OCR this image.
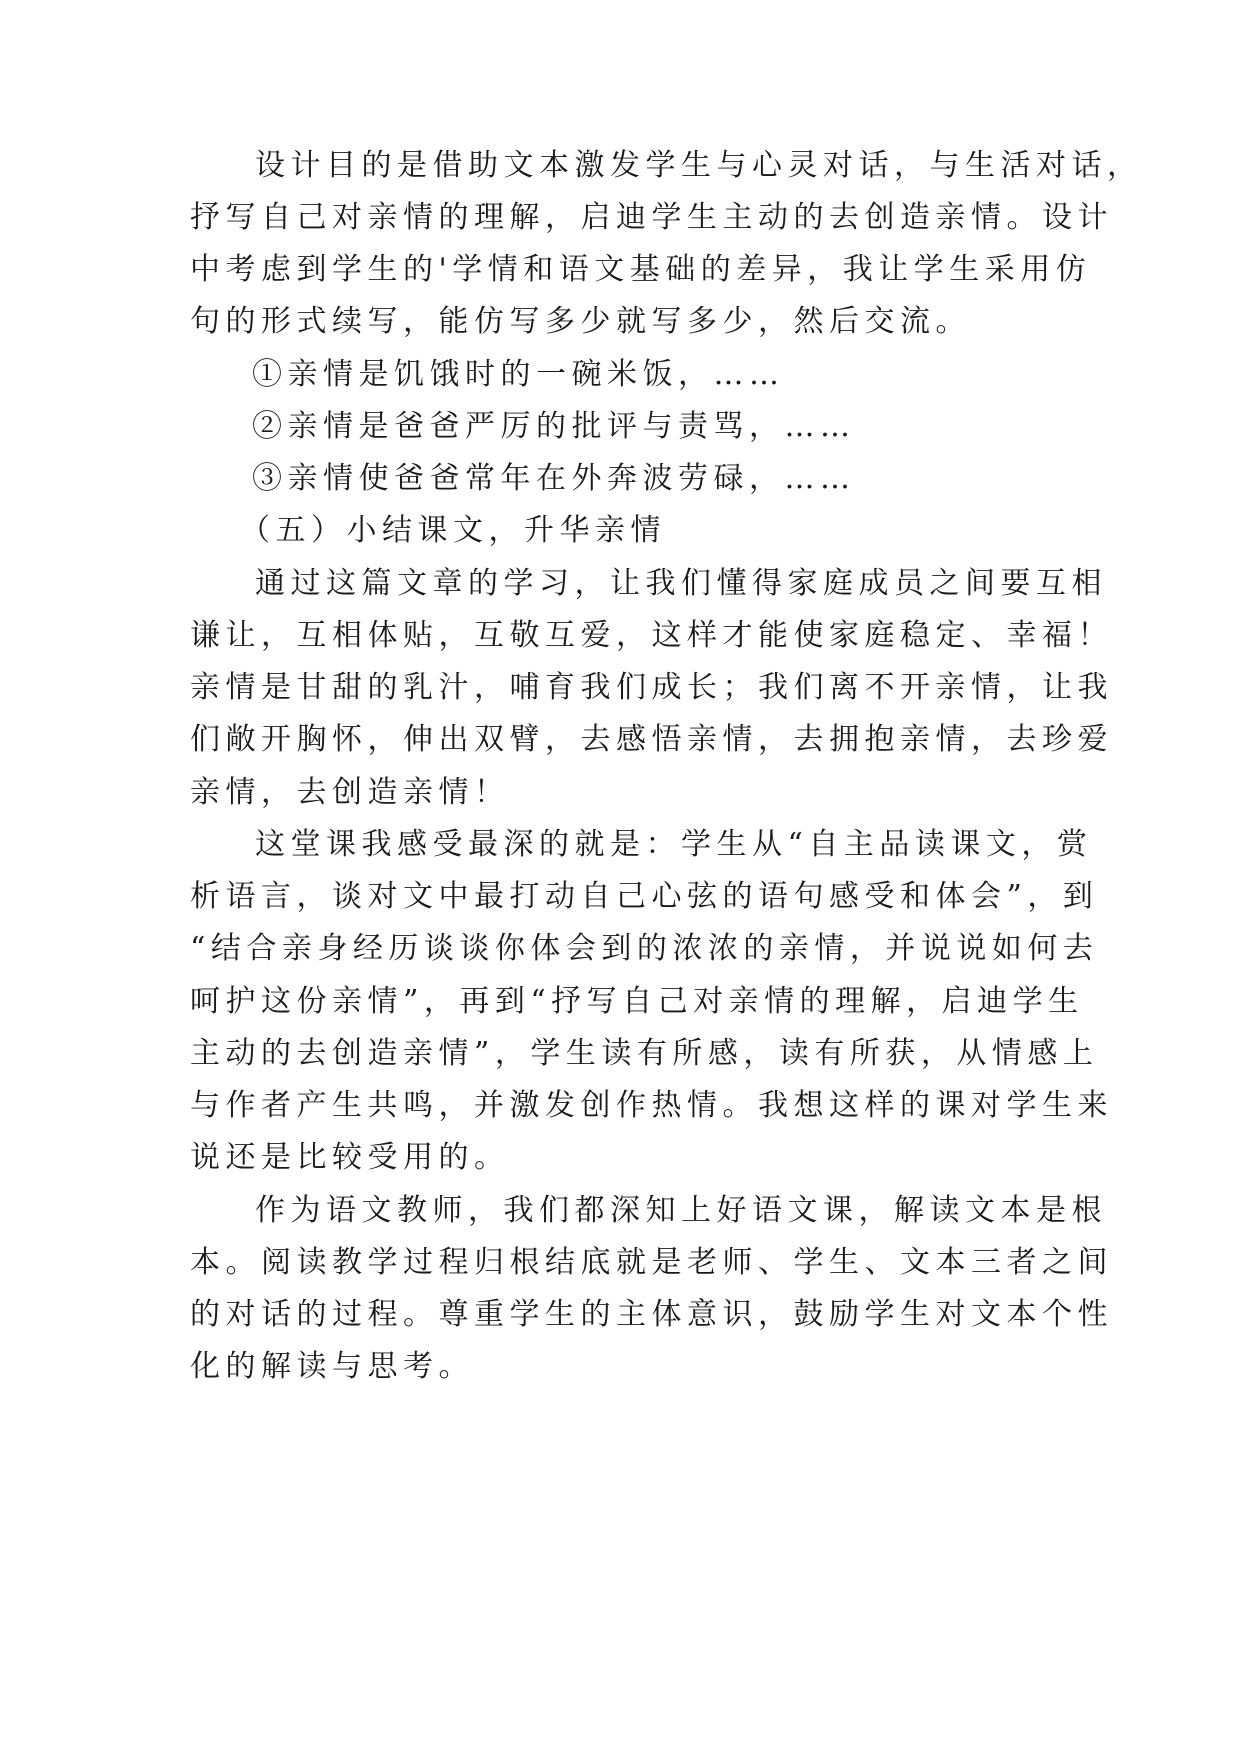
设计目的是借助文本激发学生与心灵对话，与生活对话，
抒写自己对亲情的理解，启迪学生主动的去创造亲情。设计
中考虑到学生的'学情和语文基础的差异，我让学生采用仿
句的形式续写，能仿写多少就写多少，然后交流。
①亲情是饥饿时的一碗米饭，……
②亲情是爸爸严厉的批评与责骂，……
③亲情使爸爸常年在外奔波劳碌，……
（五）小结课文，升华亲情
通过这篇文章的学习，让我们懂得家庭成员之间要互相
谦让，互相体贴，互敬互爱，这样才能使家庭稳定、幸福！
亲情是甘甜的乳汁，哺育我们成长；我们离不开亲情，让我
们敞开胸怀，伸出双臂，去感悟亲情，去拥抱亲情，去珍爱
亲情，去创造亲情！
这堂课我感受最深的就是：学生从“自主品读课文，赏
析语言，谈对文中最打动自己心弦的语句感受和体会”，到
“结合亲身经历谈谈你体会到的浓浓的亲情，并说说如何去
呵护这份亲情”，再到“抒写自己对亲情的理解，启迪学生
主动的去创造亲情”，学生读有所感，读有所获，从情感上
与作者产生共鸣，并激发创作热情。我想这样的课对学生来
说还是比较受用的。
作为语文教师，我们都深知上好语文课，解读文本是根
本。阅读教学过程归根结底就是老师、学生、文本三者之间
的对话的过程。尊重学生的主体意识，鼓励学生对文本个性
化的解读与思考。
